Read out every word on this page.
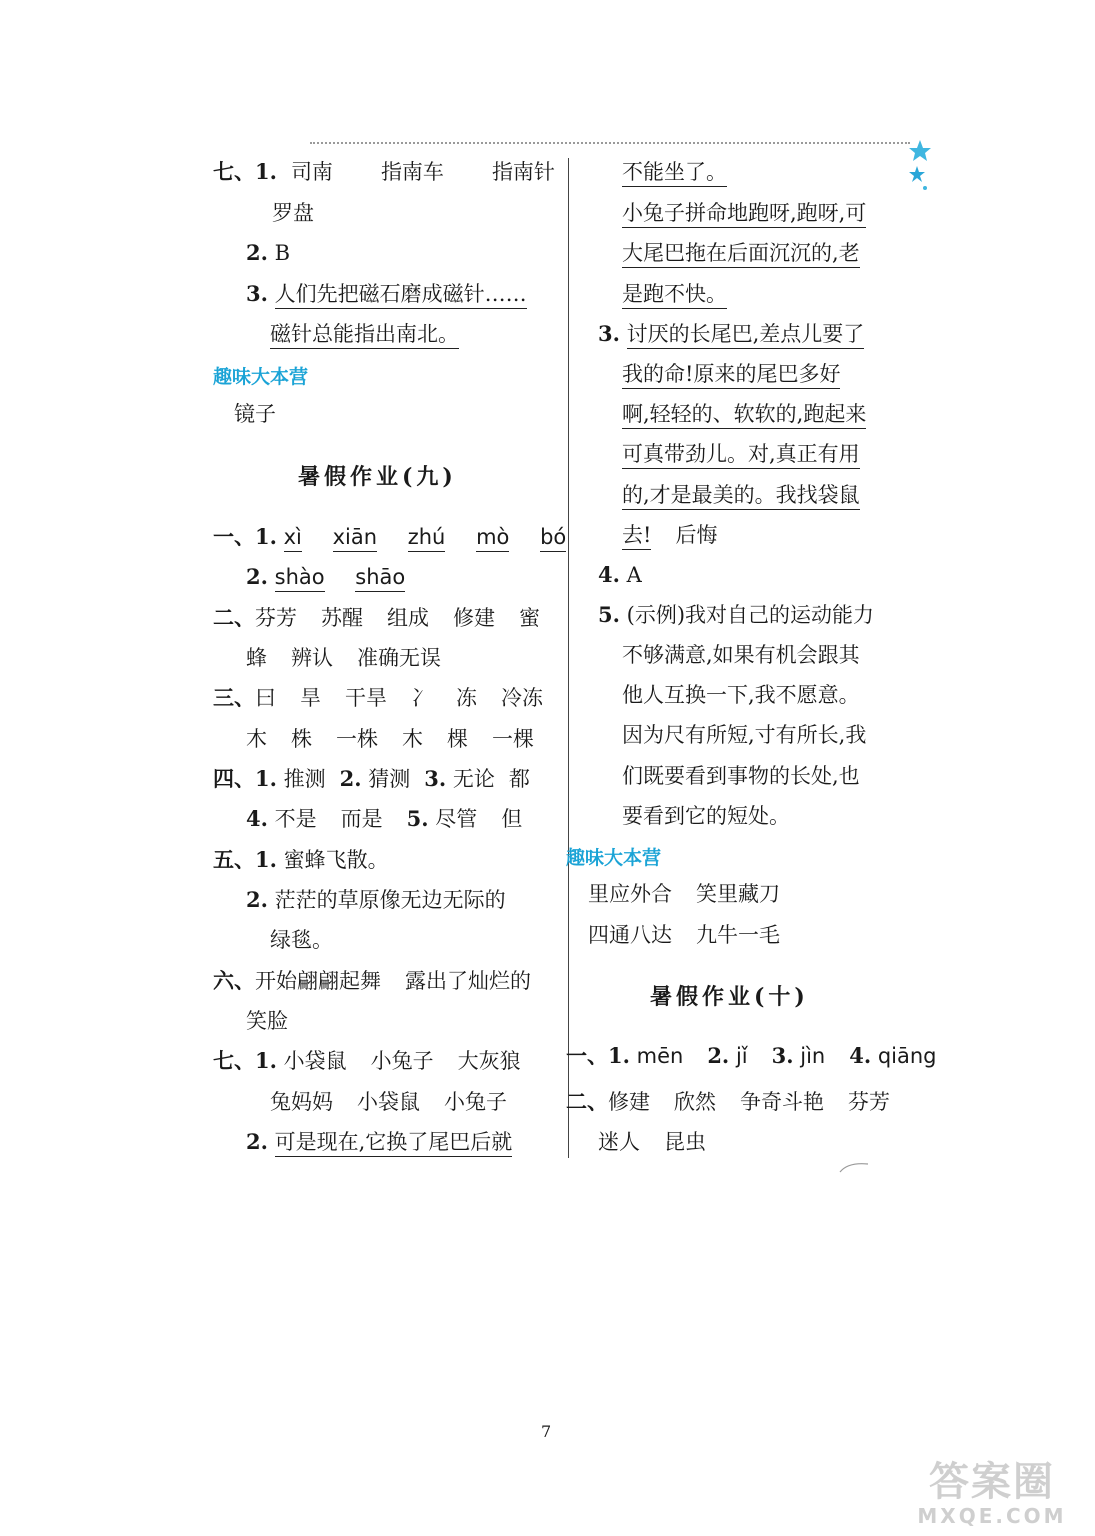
七、1. 司南 指南车 指南针
罗盘
2. B
3. 人们先把磁石磨成磁针……
磁针总能指出南北。
趣味大本营
镜子
暑假作业(九)
一、1. xì xiān zhú mò bó
2. shào shāo
二、芬芳 苏醒 组成 修建 蜜
蜂 辨认 准确无误
三、曰 旱 干旱 冫 冻 冷冻
木 株 一株 木 棵 一棵
四、1. 推测 2. 猜测 3. 无论 都
4. 不是 而是 5. 尽管 但
五、1. 蜜蜂飞散。
2. 茫茫的草原像无边无际的
绿毯。
六、开始翩翩起舞 露出了灿烂的
笑脸
七、1. 小袋鼠 小兔子 大灰狼
兔妈妈 小袋鼠 小兔子
2. 可是现在,它换了尾巴后就
不能坐了。
小兔子拼命地跑呀,跑呀,可
大尾巴拖在后面沉沉的,老
是跑不快。
3. 讨厌的长尾巴,差点儿要了
我的命!原来的尾巴多好
啊,轻轻的、软软的,跑起来
可真带劲儿。对,真正有用
的,才是最美的。我找袋鼠
去! 后悔
4. A
5. (示例)我对自己的运动能力
不够满意,如果有机会跟其
他人互换一下,我不愿意。
因为尺有所短,寸有所长,我
们既要看到事物的长处,也
要看到它的短处。
趣味大本营
里应外合 笑里藏刀
四通八达 九牛一毛
暑假作业(十)
一、1. mēn 2. jǐ 3. jìn 4. qiāng
二、修建 欣然 争奇斗艳 芬芳
迷人 昆虫
7
答案圈
MXQE.COM
